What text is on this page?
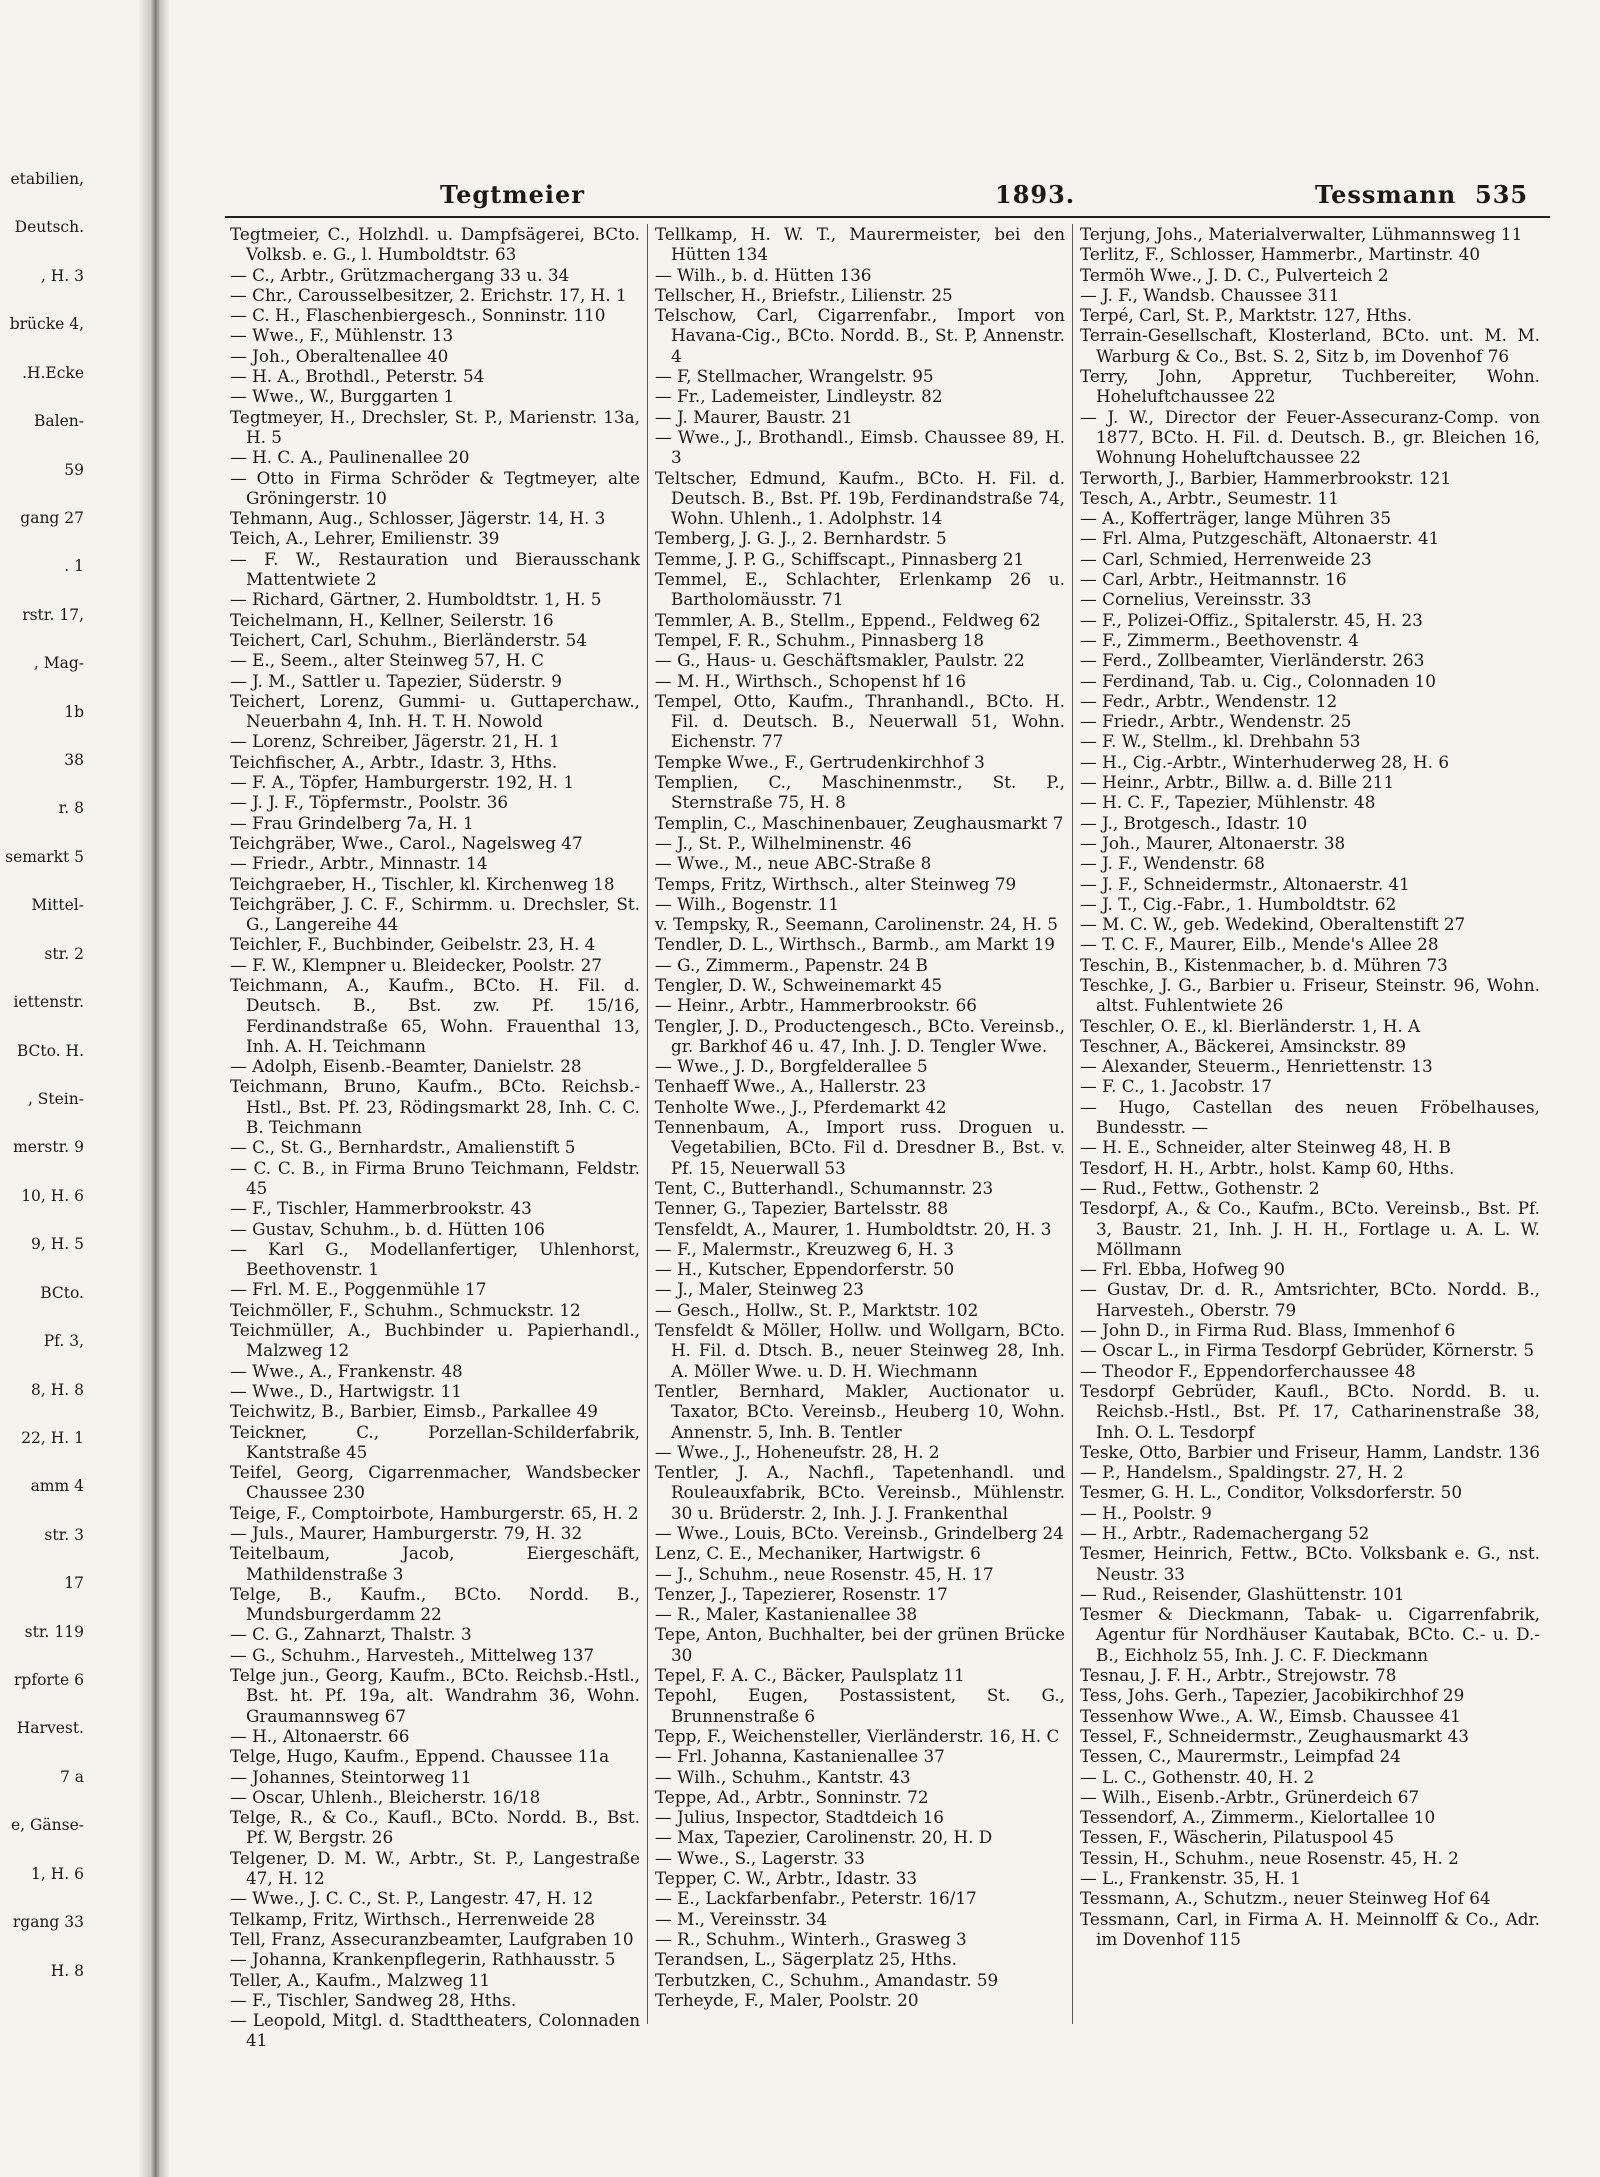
etabilien,
Deutsch.
, H. 3
brücke 4,
.H.Ecke
Balen-
59
gang 27
. 1
rstr. 17,
, Mag-
1b
38
r. 8
semarkt 5
Mittel-
str. 2
iettenstr.
BCto. H.
, Stein-
merstr. 9
10, H. 6
9, H. 5
BCto.
Pf. 3,
8, H. 8
22, H. 1
amm 4
str. 3
17
str. 119
rpforte 6
Harvest.
7 a
e, Gänse-
1, H. 6
rgang 33
H. 8
Tegtmeier	1893.	Tessmann 535

Tegtmeier, C., Holzhdl. u. Dampfsägerei, BCto. Volksb. e. G., l. Humboldtstr. 63

— C., Arbtr., Grützmachergang 33 u. 34

— Chr., Carousselbesitzer, 2. Erichstr. 17, H. 1

— C. H., Flaschenbiergesch., Sonninstr. 110

— Wwe., F., Mühlenstr. 13

— Joh., Oberaltenallee 40

— H. A., Brothdl., Peterstr. 54

— Wwe., W., Burggarten 1

Tegtmeyer, H., Drechsler, St. P., Marienstr. 13a, H. 5

— H. C. A., Paulinenallee 20

— Otto in Firma Schröder & Tegtmeyer, alte Gröningerstr. 10

Tehmann, Aug., Schlosser, Jägerstr. 14, H. 3

Teich, A., Lehrer, Emilienstr. 39

— F. W., Restauration und Bierausschank Mattentwiete 2

— Richard, Gärtner, 2. Humboldtstr. 1, H. 5

Teichelmann, H., Kellner, Seilerstr. 16

Teichert, Carl, Schuhm., Bierländerstr. 54

— E., Seem., alter Steinweg 57, H. C

— J. M., Sattler u. Tapezier, Süderstr. 9

Teichert, Lorenz, Gummi- u. Guttaperchaw., Neuerbahn 4, Inh. H. T. H. Nowold

— Lorenz, Schreiber, Jägerstr. 21, H. 1

Teichfischer, A., Arbtr., Idastr. 3, Hths.

— F. A., Töpfer, Hamburgerstr. 192, H. 1

— J. J. F., Töpfermstr., Poolstr. 36

— Frau Grindelberg 7a, H. 1

Teichgräber, Wwe., Carol., Nagelsweg 47

— Friedr., Arbtr., Minnastr. 14

Teichgraeber, H., Tischler, kl. Kirchenweg 18

Teichgräber, J. C. F., Schirmm. u. Drechsler, St. G., Langereihe 44

Teichler, F., Buchbinder, Geibelstr. 23, H. 4

— F. W., Klempner u. Bleidecker, Poolstr. 27

Teichmann, A., Kaufm., BCto. H. Fil. d. Deutsch. B., Bst. zw. Pf. 15/16, Ferdinandstraße 65, Wohn. Frauenthal 13, Inh. A. H. Teichmann

— Adolph, Eisenb.-Beamter, Danielstr. 28

Teichmann, Bruno, Kaufm., BCto. Reichsb.-Hstl., Bst. Pf. 23, Rödingsmarkt 28, Inh. C. C. B. Teichmann

— C., St. G., Bernhardstr., Amalienstift 5

— C. C. B., in Firma Bruno Teichmann, Feldstr. 45

— F., Tischler, Hammerbrookstr. 43

— Gustav, Schuhm., b. d. Hütten 106

— Karl G., Modellanfertiger, Uhlenhorst, Beethovenstr. 1

— Frl. M. E., Poggenmühle 17

Teichmöller, F., Schuhm., Schmuckstr. 12

Teichmüller, A., Buchbinder u. Papierhandl., Malzweg 12

— Wwe., A., Frankenstr. 48

— Wwe., D., Hartwigstr. 11

Teichwitz, B., Barbier, Eimsb., Parkallee 49

Teickner, C., Porzellan-Schilderfabrik, Kantstraße 45

Teifel, Georg, Cigarrenmacher, Wandsbecker Chaussee 230

Teige, F., Comptoirbote, Hamburgerstr. 65, H. 2

— Juls., Maurer, Hamburgerstr. 79, H. 32

Teitelbaum, Jacob, Eiergeschäft, Mathildenstraße 3

Telge, B., Kaufm., BCto. Nordd. B., Mundsburgerdamm 22

— C. G., Zahnarzt, Thalstr. 3

— G., Schuhm., Harvesteh., Mittelweg 137

Telge jun., Georg, Kaufm., BCto. Reichsb.-Hstl., Bst. ht. Pf. 19a, alt. Wandrahm 36, Wohn. Graumannsweg 67

— H., Altonaerstr. 66

Telge, Hugo, Kaufm., Eppend. Chaussee 11a

— Johannes, Steintorweg 11

— Oscar, Uhlenh., Bleicherstr. 16/18

Telge, R., & Co., Kaufl., BCto. Nordd. B., Bst. Pf. W, Bergstr. 26

Telgener, D. M. W., Arbtr., St. P., Langestraße 47, H. 12

— Wwe., J. C. C., St. P., Langestr. 47, H. 12

Telkamp, Fritz, Wirthsch., Herrenweide 28

Tell, Franz, Assecuranzbeamter, Laufgraben 10

— Johanna, Krankenpflegerin, Rathhausstr. 5

Teller, A., Kaufm., Malzweg 11

— F., Tischler, Sandweg 28, Hths.

— Leopold, Mitgl. d. Stadttheaters, Colonnaden 41

Tellkamp, H. W. T., Maurermeister, bei den Hütten 134

— Wilh., b. d. Hütten 136

Tellscher, H., Briefstr., Lilienstr. 25

Telschow, Carl, Cigarrenfabr., Import von Havana-Cig., BCto. Nordd. B., St. P, Annenstr. 4

— F, Stellmacher, Wrangelstr. 95

— Fr., Lademeister, Lindleystr. 82

— J. Maurer, Baustr. 21

— Wwe., J., Brothandl., Eimsb. Chaussee 89, H. 3

Teltscher, Edmund, Kaufm., BCto. H. Fil. d. Deutsch. B., Bst. Pf. 19b, Ferdinandstraße 74, Wohn. Uhlenh., 1. Adolphstr. 14

Temberg, J. G. J., 2. Bernhardstr. 5

Temme, J. P. G., Schiffscapt., Pinnasberg 21

Temmel, E., Schlachter, Erlenkamp 26 u. Bartholomäusstr. 71

Temmler, A. B., Stellm., Eppend., Feldweg 62

Tempel, F. R., Schuhm., Pinnasberg 18

— G., Haus- u. Geschäftsmakler, Paulstr. 22

— M. H., Wirthsch., Schopenst hf 16

Tempel, Otto, Kaufm., Thranhandl., BCto. H. Fil. d. Deutsch. B., Neuerwall 51, Wohn. Eichenstr. 77

Tempke Wwe., F., Gertrudenkirchhof 3

Templien, C., Maschinenmstr., St. P., Sternstraße 75, H. 8

Templin, C., Maschinenbauer, Zeughausmarkt 7

— J., St. P., Wilhelminenstr. 46

— Wwe., M., neue ABC-Straße 8

Temps, Fritz, Wirthsch., alter Steinweg 79

— Wilh., Bogenstr. 11

v. Tempsky, R., Seemann, Carolinenstr. 24, H. 5

Tendler, D. L., Wirthsch., Barmb., am Markt 19

— G., Zimmerm., Papenstr. 24 B

Tengler, D. W., Schweinemarkt 45

— Heinr., Arbtr., Hammerbrookstr. 66

Tengler, J. D., Productengesch., BCto. Vereinsb., gr. Barkhof 46 u. 47, Inh. J. D. Tengler Wwe.

— Wwe., J. D., Borgfelderallee 5

Tenhaeff Wwe., A., Hallerstr. 23

Tenholte Wwe., J., Pferdemarkt 42

Tennenbaum, A., Import russ. Droguen u. Vegetabilien, BCto. Fil d. Dresdner B., Bst. v. Pf. 15, Neuerwall 53

Tent, C., Butterhandl., Schumannstr. 23

Tenner, G., Tapezier, Bartelsstr. 88

Tensfeldt, A., Maurer, 1. Humboldtstr. 20, H. 3

— F., Malermstr., Kreuzweg 6, H. 3

— H., Kutscher, Eppendorferstr. 50

— J., Maler, Steinweg 23

— Gesch., Hollw., St. P., Marktstr. 102

Tensfeldt & Möller, Hollw. und Wollgarn, BCto. H. Fil. d. Dtsch. B., neuer Steinweg 28, Inh. A. Möller Wwe. u. D. H. Wiechmann

Tentler, Bernhard, Makler, Auctionator u. Taxator, BCto. Vereinsb., Heuberg 10, Wohn. Annenstr. 5, Inh. B. Tentler

— Wwe., J., Hoheneufstr. 28, H. 2

Tentler, J. A., Nachfl., Tapetenhandl. und Rouleauxfabrik, BCto. Vereinsb., Mühlenstr. 30 u. Brüderstr. 2, Inh. J. J. Frankenthal

— Wwe., Louis, BCto. Vereinsb., Grindelberg 24

Lenz, C. E., Mechaniker, Hartwigstr. 6

— J., Schuhm., neue Rosenstr. 45, H. 17

Tenzer, J., Tapezierer, Rosenstr. 17

— R., Maler, Kastanienallee 38

Tepe, Anton, Buchhalter, bei der grünen Brücke 30

Tepel, F. A. C., Bäcker, Paulsplatz 11

Tepohl, Eugen, Postassistent, St. G., Brunnenstraße 6

Tepp, F., Weichensteller, Vierländerstr. 16, H. C

— Frl. Johanna, Kastanienallee 37

— Wilh., Schuhm., Kantstr. 43

Teppe, Ad., Arbtr., Sonninstr. 72

— Julius, Inspector, Stadtdeich 16

— Max, Tapezier, Carolinenstr. 20, H. D

— Wwe., S., Lagerstr. 33

Tepper, C. W., Arbtr., Idastr. 33

— E., Lackfarbenfabr., Peterstr. 16/17

— M., Vereinsstr. 34

— R., Schuhm., Winterh., Grasweg 3

Terandsen, L., Sägerplatz 25, Hths.

Terbutzken, C., Schuhm., Amandastr. 59

Terheyde, F., Maler, Poolstr. 20

Terjung, Johs., Materialverwalter, Lühmannsweg 11

Terlitz, F., Schlosser, Hammerbr., Martinstr. 40

Termöh Wwe., J. D. C., Pulverteich 2

— J. F., Wandsb. Chaussee 311

Terpé, Carl, St. P., Marktstr. 127, Hths.

Terrain-Gesellschaft, Klosterland, BCto. unt. M. M. Warburg & Co., Bst. S. 2, Sitz b, im Dovenhof 76

Terry, John, Appretur, Tuchbereiter, Wohn. Hoheluftchaussee 22

— J. W., Director der Feuer-Assecuranz-Comp. von 1877, BCto. H. Fil. d. Deutsch. B., gr. Bleichen 16, Wohnung Hoheluftchaussee 22

Terworth, J., Barbier, Hammerbrookstr. 121

Tesch, A., Arbtr., Seumestr. 11

— A., Kofferträger, lange Mühren 35

— Frl. Alma, Putzgeschäft, Altonaerstr. 41

— Carl, Schmied, Herrenweide 23

— Carl, Arbtr., Heitmannstr. 16

— Cornelius, Vereinsstr. 33

— F., Polizei-Offiz., Spitalerstr. 45, H. 23

— F., Zimmerm., Beethovenstr. 4

— Ferd., Zollbeamter, Vierländerstr. 263

— Ferdinand, Tab. u. Cig., Colonnaden 10

— Fedr., Arbtr., Wendenstr. 12

— Friedr., Arbtr., Wendenstr. 25

— F. W., Stellm., kl. Drehbahn 53

— H., Cig.-Arbtr., Winterhuderweg 28, H. 6

— Heinr., Arbtr., Billw. a. d. Bille 211

— H. C. F., Tapezier, Mühlenstr. 48

— J., Brotgesch., Idastr. 10

— Joh., Maurer, Altonaerstr. 38

— J. F., Wendenstr. 68

— J. F., Schneidermstr., Altonaerstr. 41

— J. T., Cig.-Fabr., 1. Humboldtstr. 62

— M. C. W., geb. Wedekind, Oberaltenstift 27

— T. C. F., Maurer, Eilb., Mende's Allee 28

Teschin, B., Kistenmacher, b. d. Mühren 73

Teschke, J. G., Barbier u. Friseur, Steinstr. 96, Wohn. altst. Fuhlentwiete 26

Teschler, O. E., kl. Bierländerstr. 1, H. A

Teschner, A., Bäckerei, Amsinckstr. 89

— Alexander, Steuerm., Henriettenstr. 13

— F. C., 1. Jacobstr. 17

— Hugo, Castellan des neuen Fröbelhauses, Bundesstr. —

— H. E., Schneider, alter Steinweg 48, H. B

Tesdorf, H. H., Arbtr., holst. Kamp 60, Hths.

— Rud., Fettw., Gothenstr. 2

Tesdorpf, A., & Co., Kaufm., BCto. Vereinsb., Bst. Pf. 3, Baustr. 21, Inh. J. H. H., Fortlage u. A. L. W. Möllmann

— Frl. Ebba, Hofweg 90

— Gustav, Dr. d. R., Amtsrichter, BCto. Nordd. B., Harvesteh., Oberstr. 79

— John D., in Firma Rud. Blass, Immenhof 6

— Oscar L., in Firma Tesdorpf Gebrüder, Körnerstr. 5

— Theodor F., Eppendorferchaussee 48

Tesdorpf Gebrüder, Kaufl., BCto. Nordd. B. u. Reichsb.-Hstl., Bst. Pf. 17, Catharinenstraße 38, Inh. O. L. Tesdorpf

Teske, Otto, Barbier und Friseur, Hamm, Landstr. 136

— P., Handelsm., Spaldingstr. 27, H. 2

Tesmer, G. H. L., Conditor, Volksdorferstr. 50

— H., Poolstr. 9

— H., Arbtr., Rademachergang 52

Tesmer, Heinrich, Fettw., BCto. Volksbank e. G., nst. Neustr. 33

— Rud., Reisender, Glashüttenstr. 101

Tesmer & Dieckmann, Tabak- u. Cigarrenfabrik, Agentur für Nordhäuser Kautabak, BCto. C.- u. D.-B., Eichholz 55, Inh. J. C. F. Dieckmann

Tesnau, J. F. H., Arbtr., Strejowstr. 78

Tess, Johs. Gerh., Tapezier, Jacobikirchhof 29

Tessenhow Wwe., A. W., Eimsb. Chaussee 41

Tessel, F., Schneidermstr., Zeughausmarkt 43

Tessen, C., Maurermstr., Leimpfad 24

— L. C., Gothenstr. 40, H. 2

— Wilh., Eisenb.-Arbtr., Grünerdeich 67

Tessendorf, A., Zimmerm., Kielortallee 10

Tessen, F., Wäscherin, Pilatuspool 45

Tessin, H., Schuhm., neue Rosenstr. 45, H. 2

— L., Frankenstr. 35, H. 1

Tessmann, A., Schutzm., neuer Steinweg Hof 64

Tessmann, Carl, in Firma A. H. Meinnolff & Co., Adr. im Dovenhof 115
